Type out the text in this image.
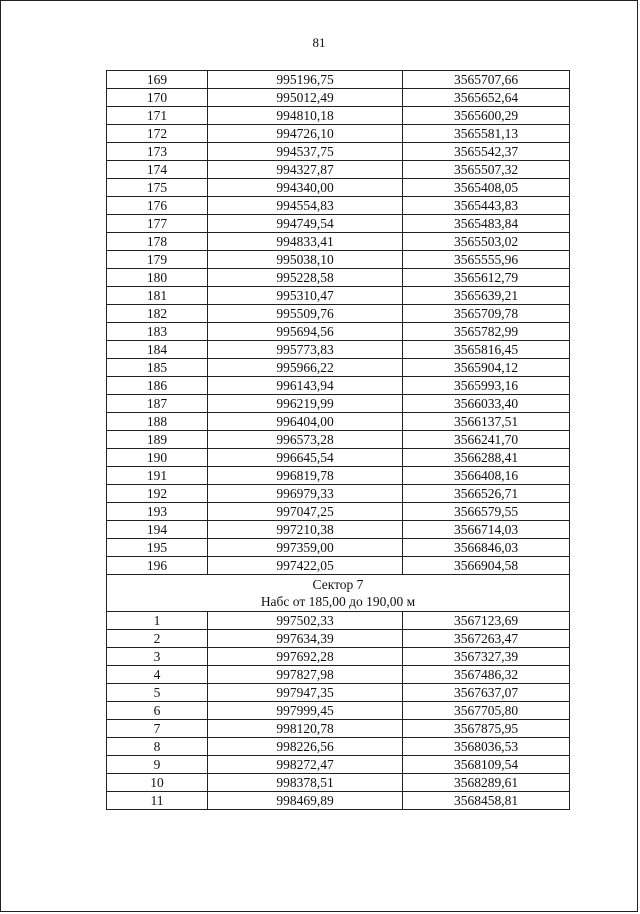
81
169	995196,75	3565707,66
170	995012,49	3565652,64
171	994810,18	3565600,29
172	994726,10	3565581,13
173	994537,75	3565542,37
174	994327,87	3565507,32
175	994340,00	3565408,05
176	994554,83	3565443,83
177	994749,54	3565483,84
178	994833,41	3565503,02
179	995038,10	3565555,96
180	995228,58	3565612,79
181	995310,47	3565639,21
182	995509,76	3565709,78
183	995694,56	3565782,99
184	995773,83	3565816,45
185	995966,22	3565904,12
186	996143,94	3565993,16
187	996219,99	3566033,40
188	996404,00	3566137,51
189	996573,28	3566241,70
190	996645,54	3566288,41
191	996819,78	3566408,16
192	996979,33	3566526,71
193	997047,25	3566579,55
194	997210,38	3566714,03
195	997359,00	3566846,03
196	997422,05	3566904,58

Сектор 7
Набс от 185,00 до 190,00 м		

1	997502,33	3567123,69
2	997634,39	3567263,47
3	997692,28	3567327,39
4	997827,98	3567486,32
5	997947,35	3567637,07
6	997999,45	3567705,80
7	998120,78	3567875,95
8	998226,56	3568036,53
9	998272,47	3568109,54
10	998378,51	3568289,61
11	998469,89	3568458,81
